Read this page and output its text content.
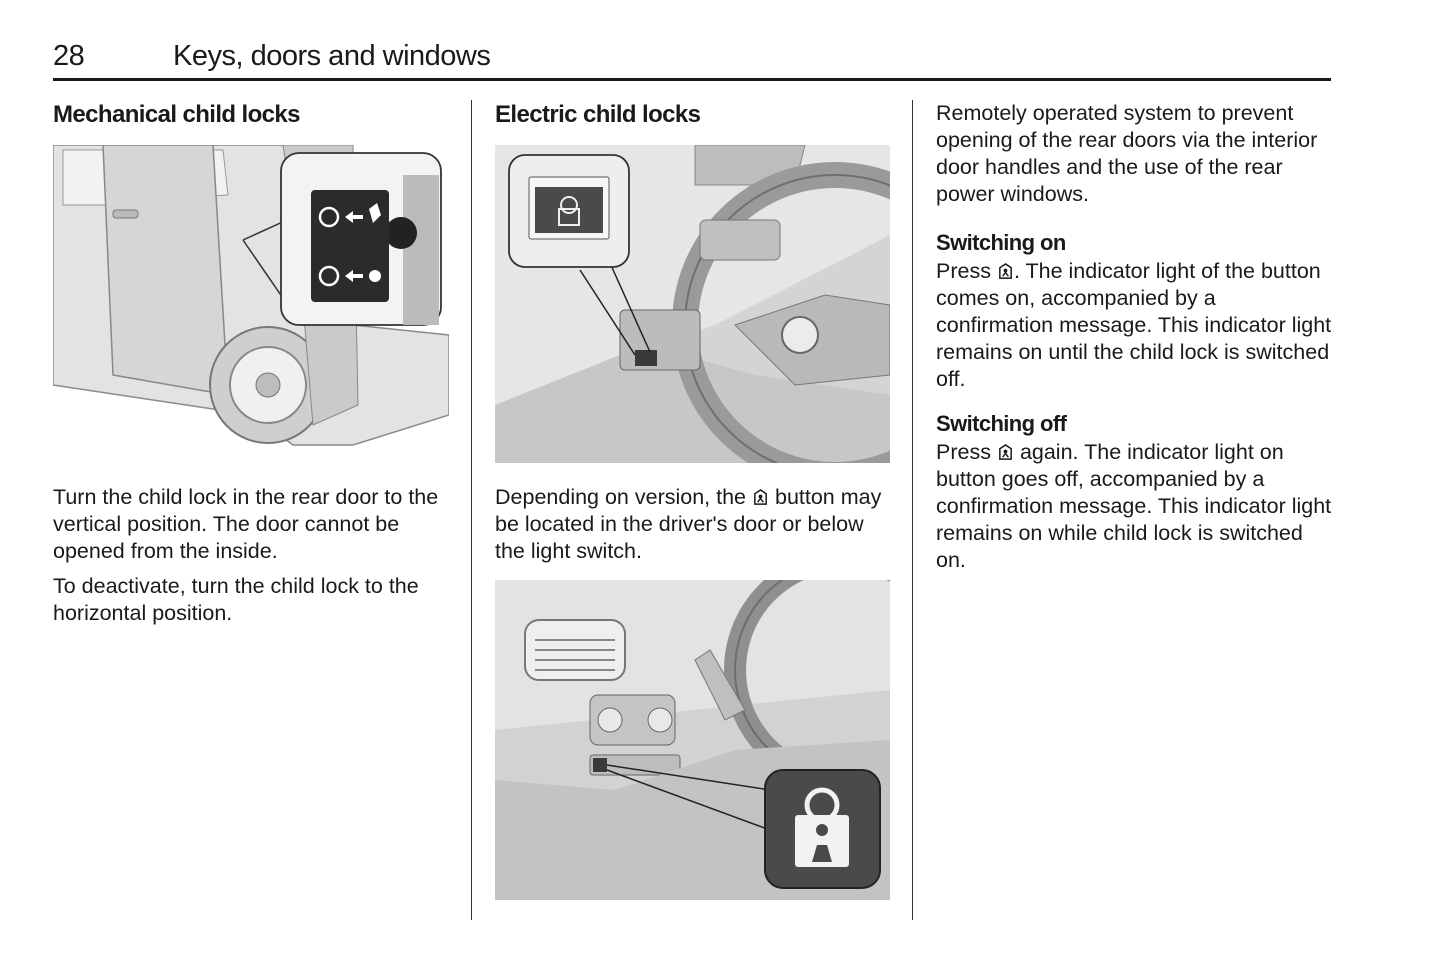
28	Keys, doors and windows
Mechanical child locks

Turn the child lock in the rear door to the vertical position. The door cannot be opened from the inside.

To deactivate, turn the child lock to the horizontal position.

Electric child locks

Depending on version, the button may be located in the driver's door or below the light switch.

Remotely operated system to prevent opening of the rear doors via the interior door handles and the use of the rear power windows.

Switching on

Press . The indicator light of the button comes on, accompanied by a confirmation message. This indicator light remains on until the child lock is switched off.

Switching off

Press again. The indicator light on button goes off, accompanied by a confirmation message. This indicator light remains on while child lock is switched on.
